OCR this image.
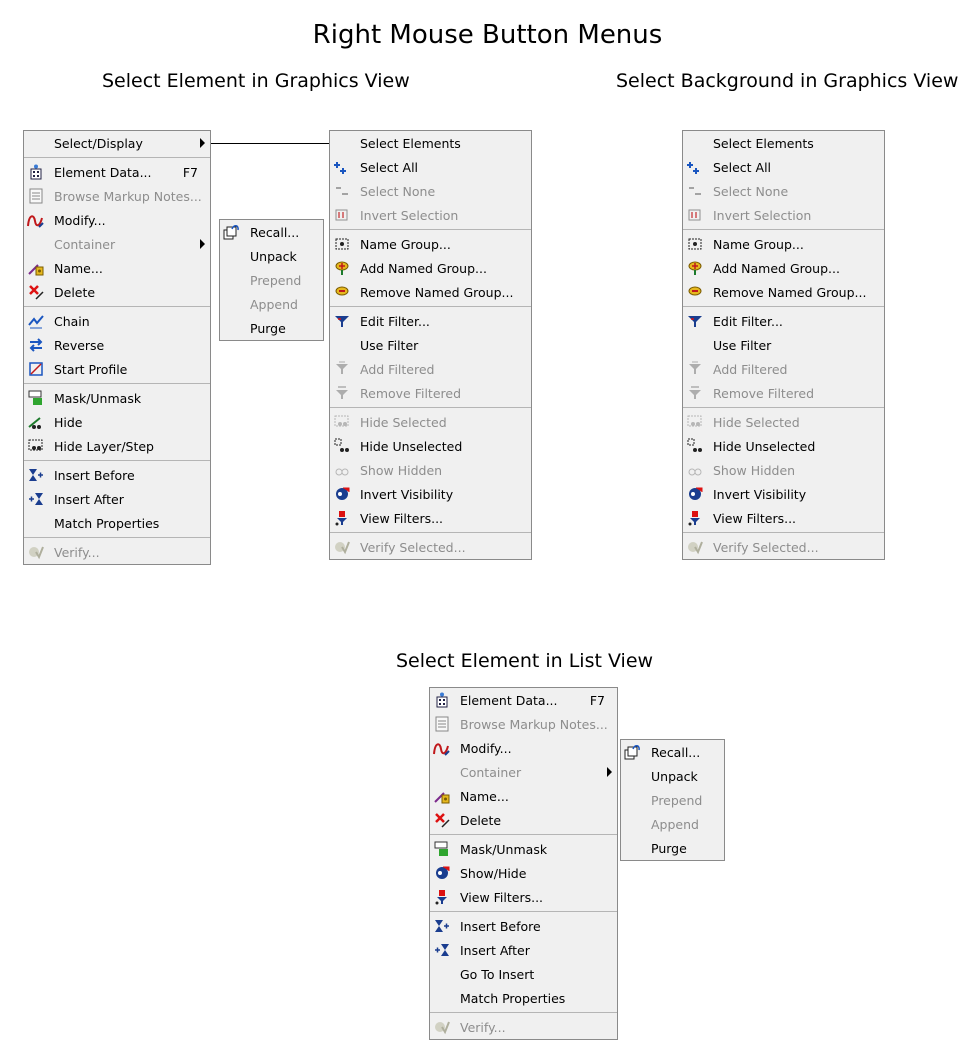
Right Mouse Button Menus
Select Element in Graphics View	Select Background in Graphics View
Select Element in List View
Select/Display
Element Data...	F7
Browse Markup Notes...
Modify...
Container
Name...
Delete
Chain
Reverse
Start Profile
Mask/Unmask
Hide
Hide Layer/Step
Insert Before
Insert After
Match Properties
Verify...
Recall...
Unpack
Prepend
Append
Purge
Select Elements
Select All
Select None
Invert Selection
Name Group...
Add Named Group...
Remove Named Group...
Edit Filter...
Use Filter
Add Filtered
Remove Filtered
Hide Selected
Hide Unselected
Show Hidden
Invert Visibility
View Filters...
Verify Selected...
Select Elements
Select All
Select None
Invert Selection
Name Group...
Add Named Group...
Remove Named Group...
Edit Filter...
Use Filter
Add Filtered
Remove Filtered
Hide Selected
Hide Unselected
Show Hidden
Invert Visibility
View Filters...
Verify Selected...
Element Data...	F7
Browse Markup Notes...
Modify...
Container
Name...
Delete
Mask/Unmask
Show/Hide
View Filters...
Insert Before
Insert After
Go To Insert
Match Properties
Verify...
Recall...
Unpack
Prepend
Append
Purge
